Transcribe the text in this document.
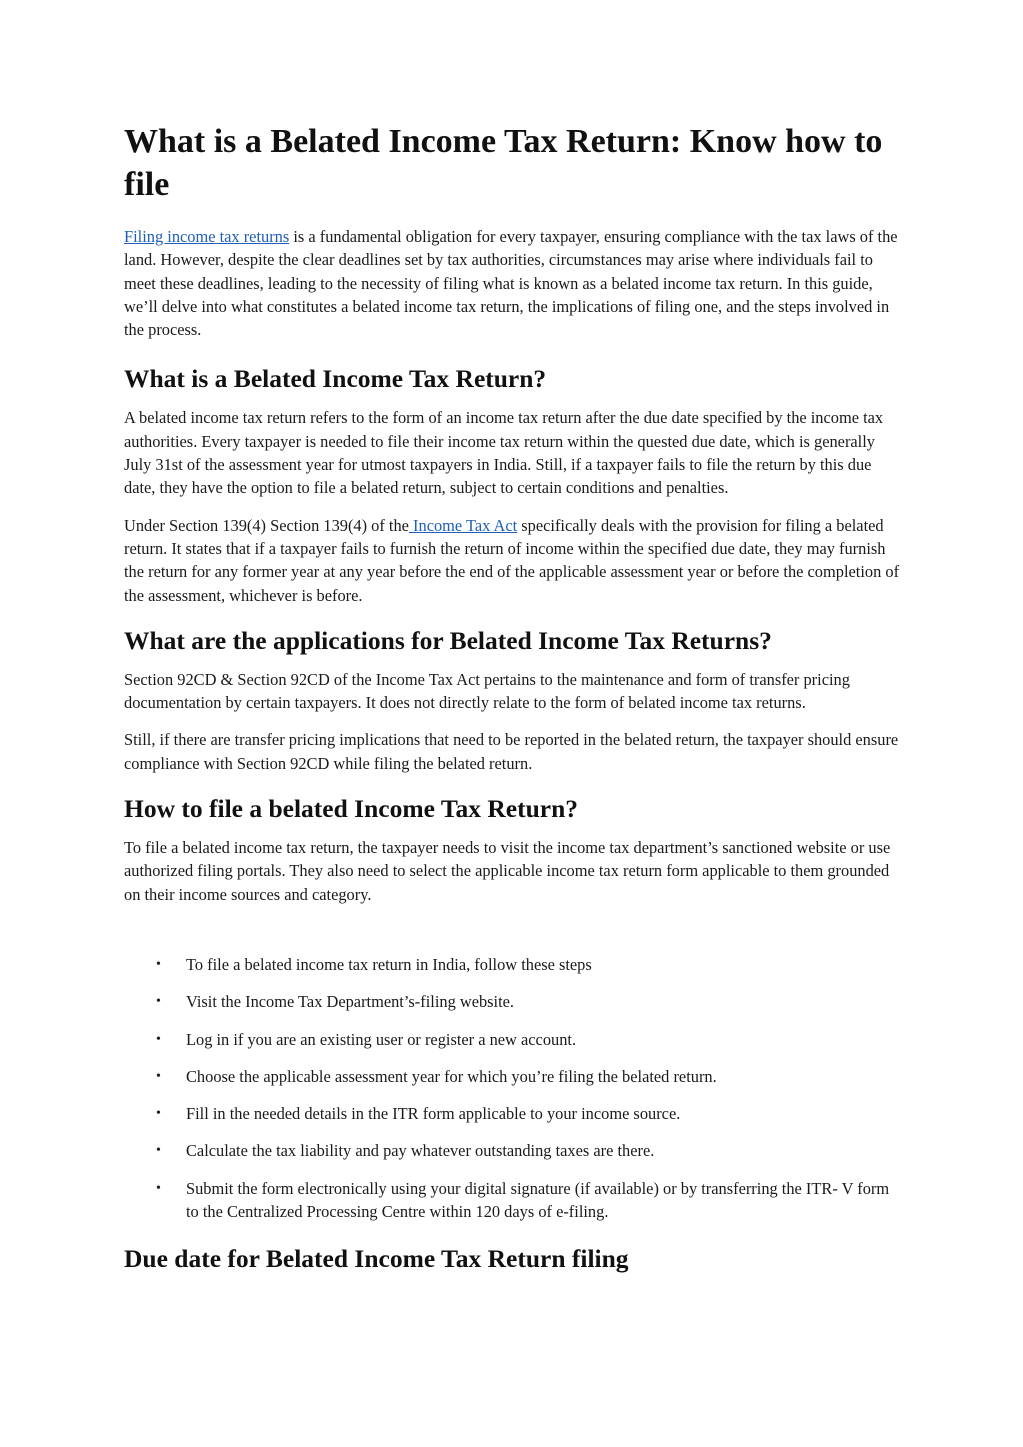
What is a Belated Income Tax Return: Know how to file

Filing income tax returns is a fundamental obligation for every taxpayer, ensuring compliance with the tax laws of the land. However, despite the clear deadlines set by tax authorities, circumstances may arise where individuals fail to meet these deadlines, leading to the necessity of filing what is known as a belated income tax return. In this guide, we’ll delve into what constitutes a belated income tax return, the implications of filing one, and the steps involved in the process.

What is a Belated Income Tax Return?

A belated income tax return refers to the form of an income tax return after the due date specified by the income tax authorities. Every taxpayer is needed to file their income tax return within the quested due date, which is generally July 31st of the assessment year for utmost taxpayers in India. Still, if a taxpayer fails to file the return by this due date, they have the option to file a belated return, subject to certain conditions and penalties.

Under Section 139(4) Section 139(4) of the Income Tax Act specifically deals with the provision for filing a belated return. It states that if a taxpayer fails to furnish the return of income within the specified due date, they may furnish the return for any former year at any year before the end of the applicable assessment year or before the completion of the assessment, whichever is before.

What are the applications for Belated Income Tax Returns?

Section 92CD & Section 92CD of the Income Tax Act pertains to the maintenance and form of transfer pricing documentation by certain taxpayers. It does not directly relate to the form of belated income tax returns.

Still, if there are transfer pricing implications that need to be reported in the belated return, the taxpayer should ensure compliance with Section 92CD while filing the belated return.

How to file a belated Income Tax Return?

To file a belated income tax return, the taxpayer needs to visit the income tax department’s sanctioned website or use authorized filing portals. They also need to select the applicable income tax return form applicable to them grounded on their income sources and category.

• To file a belated income tax return in India, follow these steps
• Visit the Income Tax Department’s-filing website.
• Log in if you are an existing user or register a new account.
• Choose the applicable assessment year for which you’re filing the belated return.
• Fill in the needed details in the ITR form applicable to your income source.
• Calculate the tax liability and pay whatever outstanding taxes are there.
• Submit the form electronically using your digital signature (if available) or by transferring the ITR- V form to the Centralized Processing Centre within 120 days of e-filing.
Due date for Belated Income Tax Return filing
